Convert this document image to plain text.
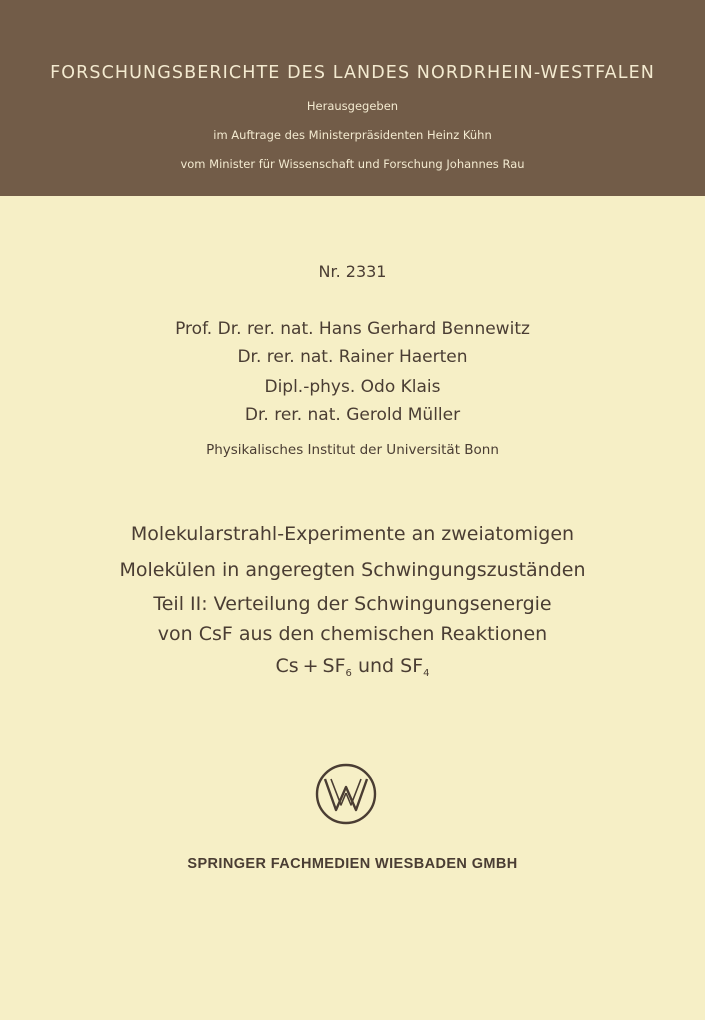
FORSCHUNGSBERICHTE DES LANDES NORDRHEIN-WESTFALEN
Herausgegeben
im Auftrage des Ministerpräsidenten Heinz Kühn
vom Minister für Wissenschaft und Forschung Johannes Rau
Nr. 2331
Prof. Dr. rer. nat. Hans Gerhard Bennewitz
Dr. rer. nat. Rainer Haerten
Dipl.-phys. Odo Klais
Dr. rer. nat. Gerold Müller
Physikalisches Institut der Universität Bonn
Molekularstrahl-Experimente an zweiatomigen
Molekülen in angeregten Schwingungszuständen
Teil II: Verteilung der Schwingungsenergie
von CsF aus den chemischen Reaktionen
$Cs + SF_6$ und $SF_4$
SPRINGER FACHMEDIEN WIESBADEN GMBH
